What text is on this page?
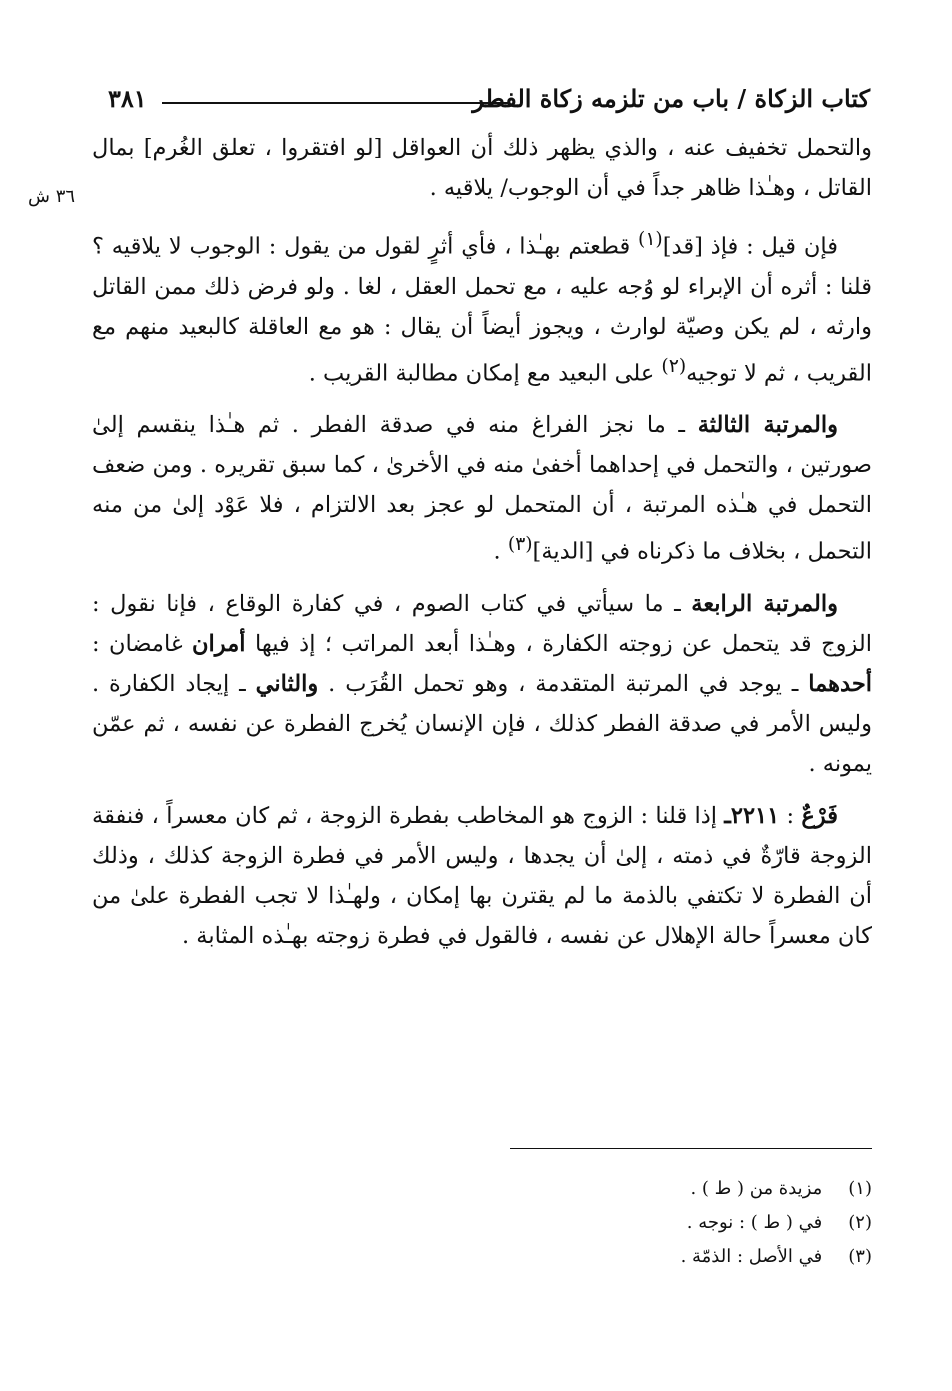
كتاب الزكاة / باب من تلزمه زكاة الفطر
٣٨١
٣٦ ش

والتحمل تخفيف عنه ، والذي يظهر ذلك أن العواقل [لو افتقروا ، تعلق الغُرم] بمال القاتل ، وهـٰذا ظاهر جداً في أن الوجوب/ يلاقيه .

فإن قيل : فإذ [قد]$^{(١)}$ قطعتم بهـٰذا ، فأي أثرٍ لقول من يقول : الوجوب لا يلاقيه ؟ قلنا : أثره أن الإبراء لو وُجه عليه ، مع تحمل العقل ، لغا . ولو فرض ذلك ممن القاتل وارثه ، لم يكن وصيّة لوارث ، ويجوز أيضاً أن يقال : هو مع العاقلة كالبعيد منهم مع القريب ، ثم لا توجيه$^{(٢)}$ على البعيد مع إمكان مطالبة القريب .

والمرتبة الثالثة ـ ما نجز الفراغ منه في صدقة الفطر . ثم هـٰذا ينقسم إلىٰ صورتين ، والتحمل في إحداهما أخفىٰ منه في الأخرىٰ ، كما سبق تقريره . ومن ضعف التحمل في هـٰذه المرتبة ، أن المتحمل لو عجز بعد الالتزام ، فلا عَوْد إلىٰ من منه التحمل ، بخلاف ما ذكرناه في [الدية]$^{(٣)}$ .

والمرتبة الرابعة ـ ما سيأتي في كتاب الصوم ، في كفارة الوقاع ، فإنا نقول : الزوج قد يتحمل عن زوجته الكفارة ، وهـٰذا أبعد المراتب ؛ إذ فيها أمران غامضان : أحدهما ـ يوجد في المرتبة المتقدمة ، وهو تحمل القُرَب . والثاني ـ إيجاد الكفارة . وليس الأمر في صدقة الفطر كذلك ، فإن الإنسان يُخرج الفطرة عن نفسه ، ثم عمّن يمونه .

فَرْعٌ : ٢٢١١ـ إذا قلنا : الزوج هو المخاطب بفطرة الزوجة ، ثم كان معسراً ، فنفقة الزوجة قارّةٌ في ذمته ، إلىٰ أن يجدها ، وليس الأمر في فطرة الزوجة كذلك ، وذلك أن الفطرة لا تكتفي بالذمة ما لم يقترن بها إمكان ، ولهـٰذا لا تجب الفطرة علىٰ من كان معسراً حالة الإهلال عن نفسه ، فالقول في فطرة زوجته بهـٰذه المثابة .

(١) مزيدة من ( ط ) .
(٢) في ( ط ) : نوجه .
(٣) في الأصل : الذمّة .
